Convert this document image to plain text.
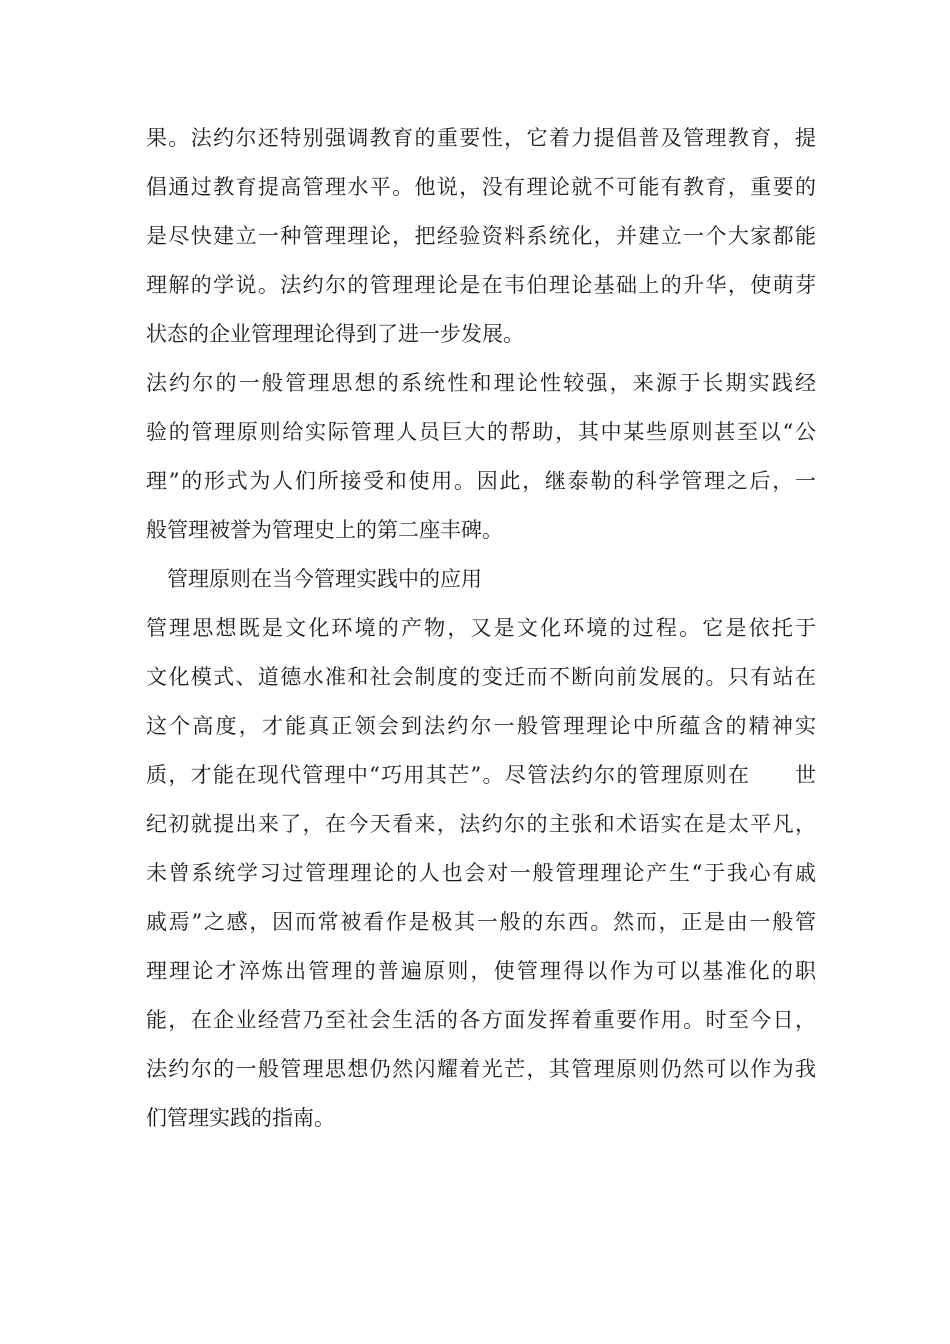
果。法约尔还特别强调教育的重要性，它着力提倡普及管理教育，提
倡通过教育提高管理水平。他说，没有理论就不可能有教育，重要的
是尽快建立一种管理理论，把经验资料系统化，并建立一个大家都能
理解的学说。法约尔的管理理论是在韦伯理论基础上的升华，使萌芽
状态的企业管理理论得到了进一步发展。
法约尔的一般管理思想的系统性和理论性较强，来源于长期实践经
验的管理原则给实际管理人员巨大的帮助，其中某些原则甚至以“公
理”的形式为人们所接受和使用。因此，继泰勒的科学管理之后，一
般管理被誉为管理史上的第二座丰碑。
管理原则在当今管理实践中的应用
管理思想既是文化环境的产物，又是文化环境的过程。它是依托于
文化模式、道德水准和社会制度的变迁而不断向前发展的。只有站在
这个高度，才能真正领会到法约尔一般管理理论中所蕴含的精神实
质，才能在现代管理中“巧用其芒”。尽管法约尔的管理原则在　　世
纪初就提出来了，在今天看来，法约尔的主张和术语实在是太平凡，
未曾系统学习过管理理论的人也会对一般管理理论产生“于我心有戚
戚焉”之感，因而常被看作是极其一般的东西。然而，正是由一般管
理理论才淬炼出管理的普遍原则，使管理得以作为可以基准化的职
能，在企业经营乃至社会生活的各方面发挥着重要作用。时至今日，
法约尔的一般管理思想仍然闪耀着光芒，其管理原则仍然可以作为我
们管理实践的指南。
